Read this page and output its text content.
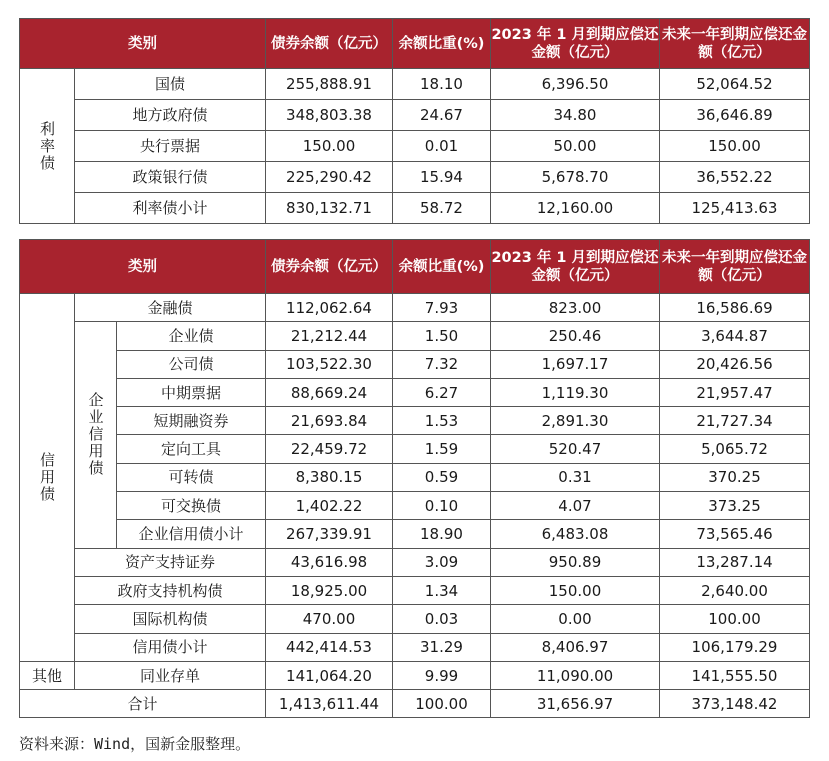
类别		债券余额（亿元）	余额比重(%)	2023 年 1 月到期应偿还金额（亿元）	未来一年到期应偿还金额（亿元）
利率债	国债	255,888.91	18.10	6,396.50	52,064.52
	地方政府债	348,803.38	24.67	34.80	36,646.89
	央行票据	150.00	0.01	50.00	150.00
	政策银行债	225,290.42	15.94	5,678.70	36,552.22
	利率债小计	830,132.71	58.72	12,160.00	125,413.63
类别			债券余额（亿元）	余额比重(%)	2023 年 1 月到期应偿还金额（亿元）	未来一年到期应偿还金额（亿元）
信用债	金融债		112,062.64	7.93	823.00	16,586.69
	企业信用债	企业债	21,212.44	1.50	250.46	3,644.87
		公司债	103,522.30	7.32	1,697.17	20,426.56
		中期票据	88,669.24	6.27	1,119.30	21,957.47
		短期融资券	21,693.84	1.53	2,891.30	21,727.34
		定向工具	22,459.72	1.59	520.47	5,065.72
		可转债	8,380.15	0.59	0.31	370.25
		可交换债	1,402.22	0.10	4.07	373.25
		企业信用债小计	267,339.91	18.90	6,483.08	73,565.46
	资产支持证券		43,616.98	3.09	950.89	13,287.14
	政府支持机构债		18,925.00	1.34	150.00	2,640.00
	国际机构债		470.00	0.03	0.00	100.00
	信用债小计		442,414.53	31.29	8,406.97	106,179.29
其他	同业存单		141,064.20	9.99	11,090.00	141,555.50
合计			1,413,611.44	100.00	31,656.97	373,148.42
资料来源：Wind，国新金服整理。
